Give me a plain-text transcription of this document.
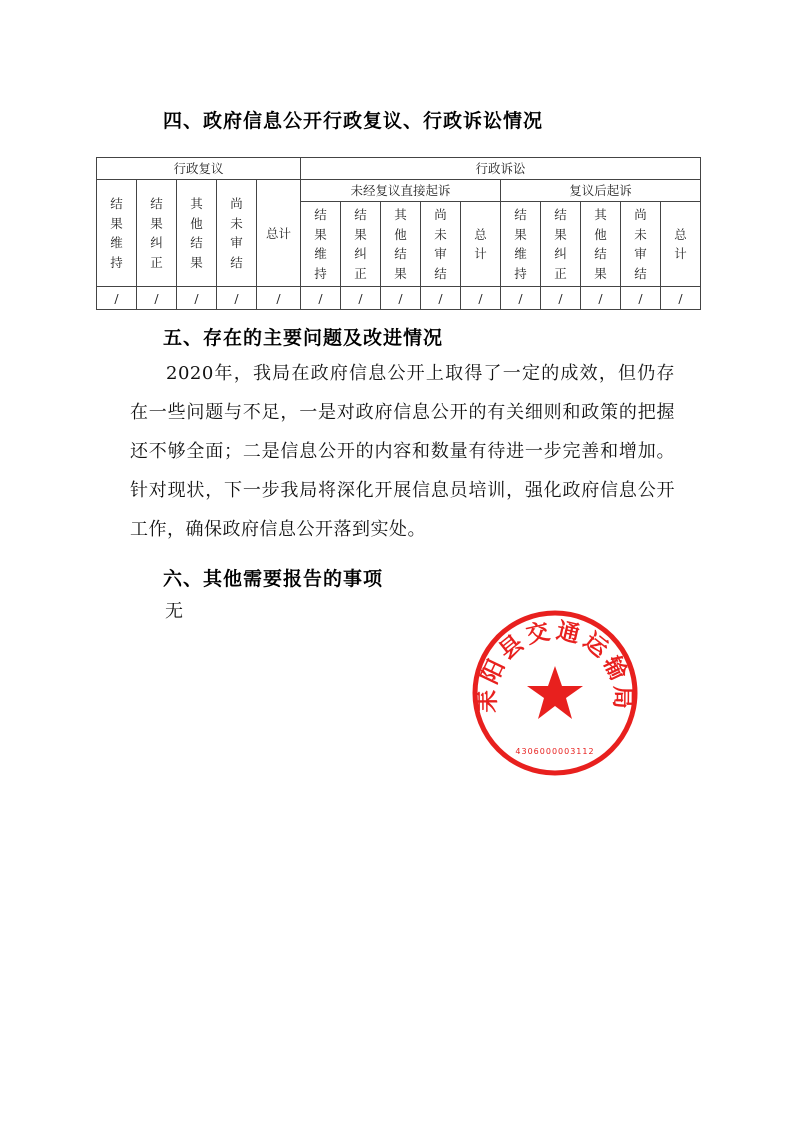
四、政府信息公开行政复议、行政诉讼情况
行政复议					行政诉讼									
结果维持	结果纠正	其他结果	尚未审结	总计	未经复议直接起诉					复议后起诉				
					结果维持	结果纠正	其他结果	尚未审结	总计	结果维持	结果纠正	其他结果	尚未审结	总计
/	/	/	/	/	/	/	/	/	/	/	/	/	/	/
五、存在的主要问题及改进情况

2020年，我局在政府信息公开上取得了一定的成效，但仍存在一些问题与不足，一是对政府信息公开的有关细则和政策的把握还不够全面；二是信息公开的内容和数量有待进一步完善和增加。针对现状，下一步我局将深化开展信息员培训，强化政府信息公开工作，确保政府信息公开落到实处。

六、其他需要报告的事项

无

耒阳县交通运输局
4306000003112
